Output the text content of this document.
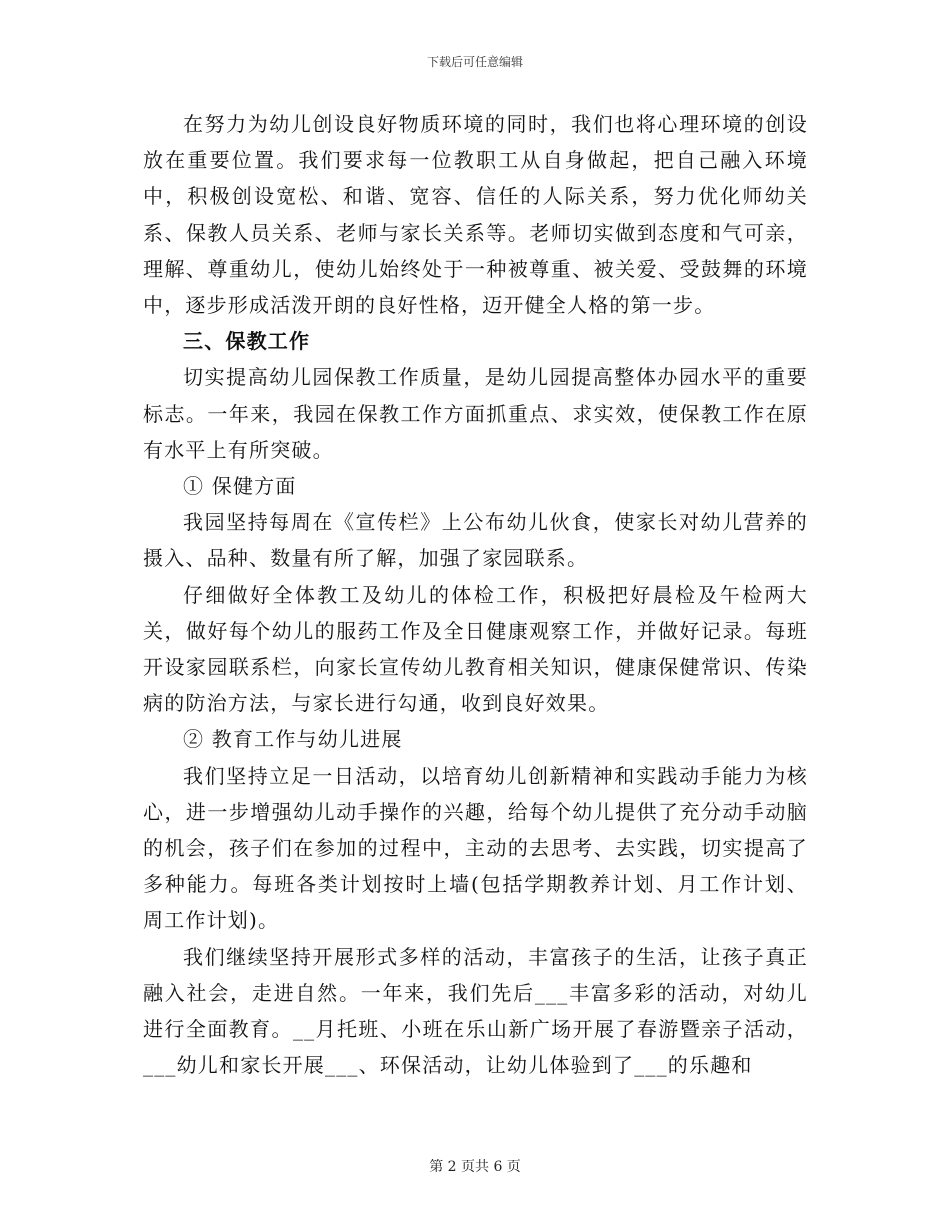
下载后可任意编辑

在努力为幼儿创设良好物质环境的同时，我们也将心理环境的创设放在重要位置。我们要求每一位教职工从自身做起，把自己融入环境中，积极创设宽松、和谐、宽容、信任的人际关系，努力优化师幼关系、保教人员关系、老师与家长关系等。老师切实做到态度和气可亲，理解、尊重幼儿，使幼儿始终处于一种被尊重、被关爱、受鼓舞的环境中，逐步形成活泼开朗的良好性格，迈开健全人格的第一步。

三、保教工作

切实提高幼儿园保教工作质量，是幼儿园提高整体办园水平的重要标志。一年来，我园在保教工作方面抓重点、求实效，使保教工作在原有水平上有所突破。

① 保健方面

我园坚持每周在《宣传栏》上公布幼儿伙食，使家长对幼儿营养的摄入、品种、数量有所了解，加强了家园联系。

仔细做好全体教工及幼儿的体检工作，积极把好晨检及午检两大关，做好每个幼儿的服药工作及全日健康观察工作，并做好记录。每班开设家园联系栏，向家长宣传幼儿教育相关知识，健康保健常识、传染病的防治方法，与家长进行勾通，收到良好效果。

② 教育工作与幼儿进展

我们坚持立足一日活动，以培育幼儿创新精神和实践动手能力为核心，进一步增强幼儿动手操作的兴趣，给每个幼儿提供了充分动手动脑的机会，孩子们在参加的过程中，主动的去思考、去实践，切实提高了多种能力。每班各类计划按时上墙(包括学期教养计划、月工作计划、周工作计划)。

我们继续坚持开展形式多样的活动，丰富孩子的生活，让孩子真正融入社会，走进自然。一年来，我们先后___丰富多彩的活动，对幼儿进行全面教育。__月托班、小班在乐山新广场开展了春游暨亲子活动，___幼儿和家长开展___、环保活动，让幼儿体验到了___的乐趣和

第 2 页共 6 页
